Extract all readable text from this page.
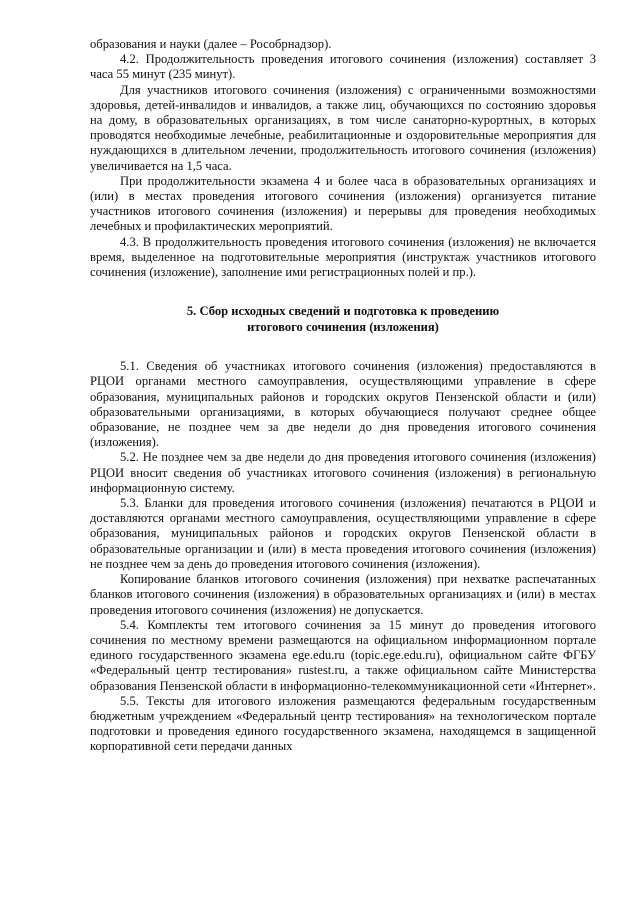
образования и науки (далее – Рособрнадзор).

4.2. Продолжительность проведения итогового сочинения (изложения) составляет 3 часа 55 минут (235 минут).

Для участников итогового сочинения (изложения) с ограниченными возможностями здоровья, детей-инвалидов и инвалидов, а также лиц, обучающихся по состоянию здоровья на дому, в образовательных организациях, в том числе санаторно-курортных, в которых проводятся необходимые лечебные, реабилитационные и оздоровительные мероприятия для нуждающихся в длительном лечении, продолжительность итогового сочинения (изложения) увеличивается на 1,5 часа.

При продолжительности экзамена 4 и более часа в образовательных организациях и (или) в местах проведения итогового сочинения (изложения) организуется питание участников итогового сочинения (изложения) и перерывы для проведения необходимых лечебных и профилактических мероприятий.

4.3. В продолжительность проведения итогового сочинения (изложения) не включается время, выделенное на подготовительные мероприятия (инструктаж участников итогового сочинения (изложение), заполнение ими регистрационных полей и пр.).

5. Сбор исходных сведений и подготовка к проведению
итогового сочинения (изложения)

5.1. Сведения об участниках итогового сочинения (изложения) предоставляются в РЦОИ органами местного самоуправления, осуществляющими управление в сфере образования, муниципальных районов и городских округов Пензенской области и (или) образовательными организациями, в которых обучающиеся получают среднее общее образование, не позднее чем за две недели до дня проведения итогового сочинения (изложения).

5.2. Не позднее чем за две недели до дня проведения итогового сочинения (изложения) РЦОИ вносит сведения об участниках итогового сочинения (изложения) в региональную информационную систему.

5.3. Бланки для проведения итогового сочинения (изложения) печатаются в РЦОИ и доставляются органами местного самоуправления, осуществляющими управление в сфере образования, муниципальных районов и городских округов Пензенской области в образовательные организации и (или) в места проведения итогового сочинения (изложения) не позднее чем за день до проведения итогового сочинения (изложения).

Копирование бланков итогового сочинения (изложения) при нехватке распечатанных бланков итогового сочинения (изложения) в образовательных организациях и (или) в местах проведения итогового сочинения (изложения) не допускается.

5.4. Комплекты тем итогового сочинения за 15 минут до проведения итогового сочинения по местному времени размещаются на официальном информационном портале единого государственного экзамена ege.edu.ru (topic.ege.edu.ru), официальном сайте ФГБУ «Федеральный центр тестирования» rustest.ru, а также официальном сайте Министерства образования Пензенской области в информационно-телекоммуникационной сети «Интернет».

5.5. Тексты для итогового изложения размещаются федеральным государственным бюджетным учреждением «Федеральный центр тестирования» на технологическом портале подготовки и проведения единого государственного экзамена, находящемся в защищенной корпоративной сети передачи данных
